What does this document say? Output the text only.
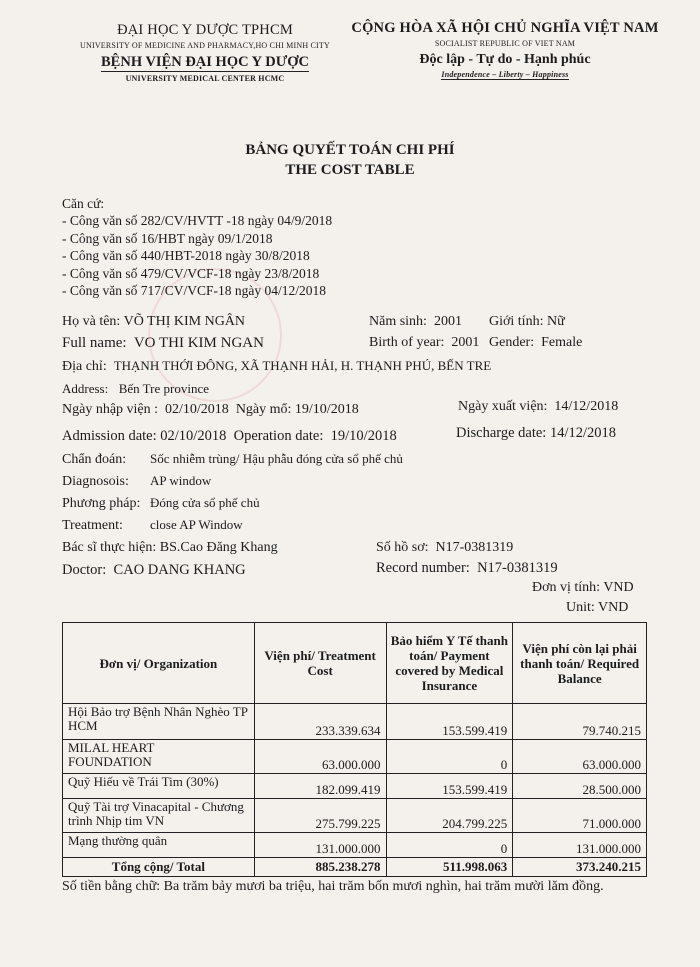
ĐẠI HỌC Y DƯỢC TPHCM
UNIVERSITY OF MEDICINE AND PHARMACY,HO CHI MINH CITY
BỆNH VIỆN ĐẠI HỌC Y DƯỢC
UNIVERSITY MEDICAL CENTER HCMC
CỘNG HÒA XÃ HỘI CHỦ NGHĨA VIỆT NAM
SOCIALIST REPUBLIC OF VIET NAM
Độc lập - Tự do - Hạnh phúc
Independence – Liberty – Happiness
BẢNG QUYẾT TOÁN CHI PHÍ
THE COST TABLE
Căn cứ:
- Công văn số 282/CV/HVTT -18 ngày 04/9/2018
- Công văn số 16/HBT ngày 09/1/2018
- Công văn số 440/HBT-2018 ngày 30/8/2018
- Công văn số 479/CV/VCF-18 ngày 23/8/2018
- Công văn số 717/CV/VCF-18 ngày 04/12/2018
Họ và tên: VÕ THỊ KIM NGÂN	Năm sinh: 2001 Giới tính: Nữ
Full name: VO THI KIM NGAN	Birth of year: 2001 Gender: Female
Địa chỉ: THẠNH THỚI ĐÔNG, XÃ THẠNH HẢI, H. THẠNH PHÚ, BẾN TRE
Address: Bến Tre province
Ngày nhập viện : 02/10/2018 Ngày mổ: 19/10/2018	Ngày xuất viện: 14/12/2018
Admission date: 02/10/2018 Operation date: 19/10/2018	Discharge date: 14/12/2018
Chẩn đoán: Sốc nhiễm trùng/ Hậu phẫu đóng cửa sổ phế chủ
Diagnosois: AP window
Phương pháp: Đóng cửa sổ phế chủ
Treatment: close AP Window
Bác sĩ thực hiện: BS.Cao Đăng Khang	Số hồ sơ: N17-0381319
Doctor: CAO DANG KHANG	Record number: N17-0381319
Đơn vị tính: VND
Unit: VND
Đơn vị/ Organization	Viện phí/ Treatment Cost	Bảo hiểm Y Tế thanh toán/ Payment covered by Medical Insurance	Viện phí còn lại phải thanh toán/ Required Balance
Hội Bảo trợ Bệnh Nhân Nghèo TP HCM	233.339.634	153.599.419	79.740.215
MILAL HEART FOUNDATION	63.000.000	0	63.000.000
Quỹ Hiếu về Trái Tim (30%)	182.099.419	153.599.419	28.500.000
Quỹ Tài trợ Vinacapital - Chương trình Nhịp tim VN	275.799.225	204.799.225	71.000.000
Mạng thường quân	131.000.000	0	131.000.000
Tổng cộng/ Total	885.238.278	511.998.063	373.240.215
Số tiền bằng chữ: Ba trăm bảy mươi ba triệu, hai trăm bốn mươi nghìn, hai trăm mười lăm đồng.
